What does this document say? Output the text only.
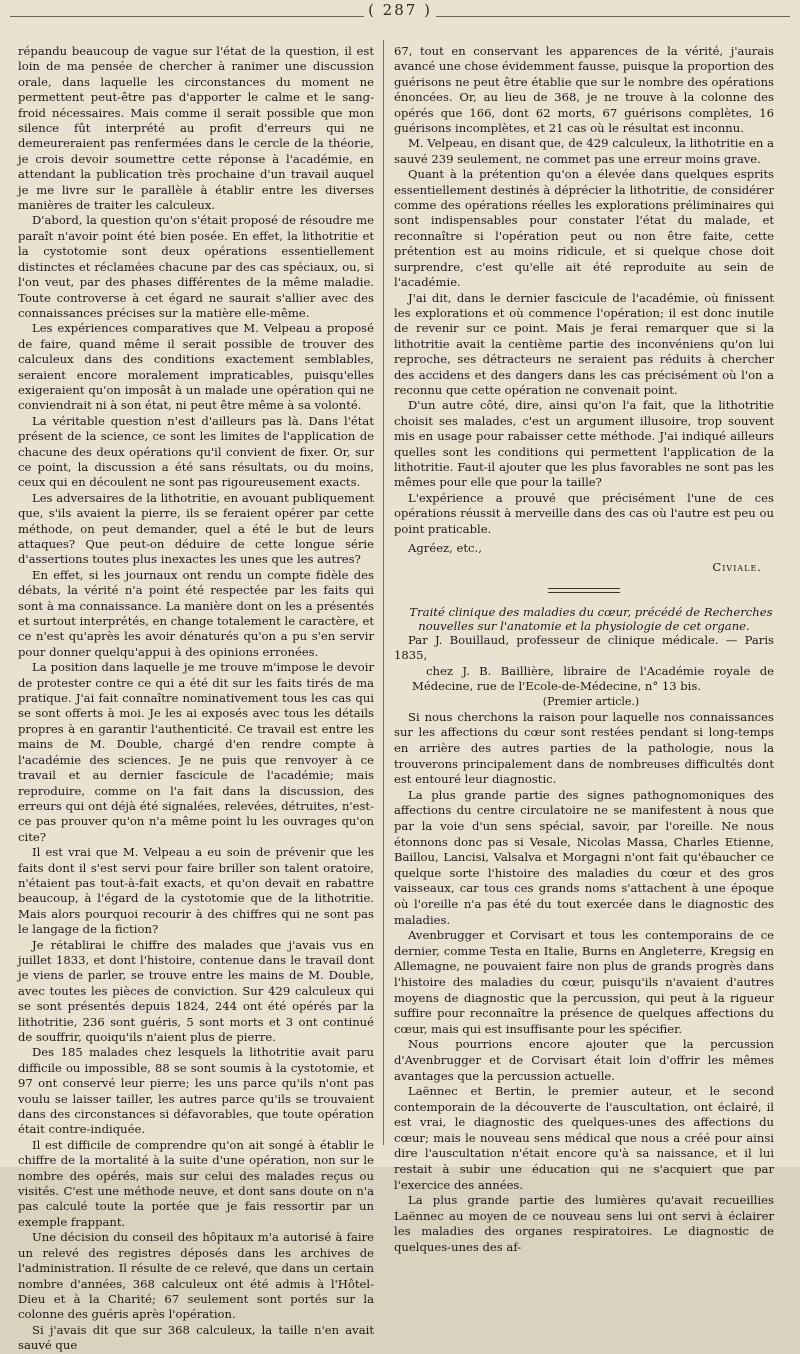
( 287 )

répandu beaucoup de vague sur l'état de la question, il est loin de ma pensée de chercher à ranimer une discussion orale, dans laquelle les circonstances du moment ne permettent peut-être pas d'apporter le calme et le sang-froid nécessaires. Mais comme il serait possible que mon silence fût interprété au profit d'erreurs qui ne demeureraient pas renfermées dans le cercle de la théorie, je crois devoir soumettre cette réponse à l'académie, en attendant la publication très prochaine d'un travail auquel je me livre sur le parallèle à établir entre les diverses manières de traiter les calculeux.

D'abord, la question qu'on s'était proposé de résoudre me paraît n'avoir point été bien posée. En effet, la lithotritie et la cystotomie sont deux opérations essentiellement distinctes et réclamées chacune par des cas spéciaux, ou, si l'on veut, par des phases différentes de la même maladie. Toute controverse à cet égard ne saurait s'allier avec des connaissances précises sur la matière elle-même.

Les expériences comparatives que M. Velpeau a proposé de faire, quand même il serait possible de trouver des calculeux dans des conditions exactement semblables, seraient encore moralement impraticables, puisqu'elles exigeraient qu'on imposât à un malade une opération qui ne conviendrait ni à son état, ni peut être même à sa volonté.

La véritable question n'est d'ailleurs pas là. Dans l'état présent de la science, ce sont les limites de l'application de chacune des deux opérations qu'il convient de fixer. Or, sur ce point, la discussion a été sans résultats, ou du moins, ceux qui en découlent ne sont pas rigoureusement exacts.

Les adversaires de la lithotritie, en avouant publiquement que, s'ils avaient la pierre, ils se feraient opérer par cette méthode, on peut demander, quel a été le but de leurs attaques? Que peut-on déduire de cette longue série d'assertions toutes plus inexactes les unes que les autres?

En effet, si les journaux ont rendu un compte fidèle des débats, la vérité n'a point été respectée par les faits qui sont à ma connaissance. La manière dont on les a présentés et surtout interprétés, en change totalement le caractère, et ce n'est qu'après les avoir dénaturés qu'on a pu s'en servir pour donner quelqu'appui à des opinions erronées.

La position dans laquelle je me trouve m'impose le devoir de protester contre ce qui a été dit sur les faits tirés de ma pratique. J'ai fait connaître nominativement tous les cas qui se sont offerts à moi. Je les ai exposés avec tous les détails propres à en garantir l'authenticité. Ce travail est entre les mains de M. Double, chargé d'en rendre compte à l'académie des sciences. Je ne puis que renvoyer à ce travail et au dernier fascicule de l'académie; mais reproduire, comme on l'a fait dans la discussion, des erreurs qui ont déjà été signalées, relevées, détruites, n'est-ce pas prouver qu'on n'a même point lu les ouvrages qu'on cite?

Il est vrai que M. Velpeau a eu soin de prévenir que les faits dont il s'est servi pour faire briller son talent oratoire, n'étaient pas tout-à-fait exacts, et qu'on devait en rabattre beaucoup, à l'égard de la cystotomie que de la lithotritie. Mais alors pourquoi recourir à des chiffres qui ne sont pas le langage de la fiction?

Je rétablirai le chiffre des malades que j'avais vus en juillet 1833, et dont l'histoire, contenue dans le travail dont je viens de parler, se trouve entre les mains de M. Double, avec toutes les pièces de conviction. Sur 429 calculeux qui se sont présentés depuis 1824, 244 ont été opérés par la lithotritie, 236 sont guéris, 5 sont morts et 3 ont continué de souffrir, quoiqu'ils n'aient plus de pierre.

Des 185 malades chez lesquels la lithotritie avait paru difficile ou impossible, 88 se sont soumis à la cystotomie, et 97 ont conservé leur pierre; les uns parce qu'ils n'ont pas voulu se laisser tailler, les autres parce qu'ils se trouvaient dans des circonstances si défavorables, que toute opération était contre-indiquée.

Il est difficile de comprendre qu'on ait songé à établir le chiffre de la mortalité à la suite d'une opération, non sur le nombre des opérés, mais sur celui des malades reçus ou visités. C'est une méthode neuve, et dont sans doute on n'a pas calculé toute la portée que je fais ressortir par un exemple frappant.

Une décision du conseil des hôpitaux m'a autorisé à faire un relevé des registres déposés dans les archives de l'administration. Il résulte de ce relevé, que dans un certain nombre d'années, 368 calculeux ont été admis à l'Hôtel-Dieu et à la Charité; 67 seulement sont portés sur la colonne des guéris après l'opération.

Si j'avais dit que sur 368 calculeux, la taille n'en avait sauvé que

67, tout en conservant les apparences de la vérité, j'aurais avancé une chose évidemment fausse, puisque la proportion des guérisons ne peut être établie que sur le nombre des opérations énoncées. Or, au lieu de 368, je ne trouve à la colonne des opérés que 166, dont 62 morts, 67 guérisons complètes, 16 guérisons incomplètes, et 21 cas où le résultat est inconnu.

M. Velpeau, en disant que, de 429 calculeux, la lithotritie en a sauvé 239 seulement, ne commet pas une erreur moins grave.

Quant à la prétention qu'on a élevée dans quelques esprits essentiellement destinés à déprécier la lithotritie, de considérer comme des opérations réelles les explorations préliminaires qui sont indispensables pour constater l'état du malade, et reconnaître si l'opération peut ou non être faite, cette prétention est au moins ridicule, et si quelque chose doit surprendre, c'est qu'elle ait été reproduite au sein de l'académie.

J'ai dit, dans le dernier fascicule de l'académie, où finissent les explorations et où commence l'opération; il est donc inutile de revenir sur ce point. Mais je ferai remarquer que si la lithotritie avait la centième partie des inconvéniens qu'on lui reproche, ses détracteurs ne seraient pas réduits à chercher des accidens et des dangers dans les cas précisément où l'on a reconnu que cette opération ne convenait point.

D'un autre côté, dire, ainsi qu'on l'a fait, que la lithotritie choisit ses malades, c'est un argument illusoire, trop souvent mis en usage pour rabaisser cette méthode. J'ai indiqué ailleurs quelles sont les conditions qui permettent l'application de la lithotritie. Faut-il ajouter que les plus favorables ne sont pas les mêmes pour elle que pour la taille?

L'expérience a prouvé que précisément l'une de ces opérations réussit à merveille dans des cas où l'autre est peu ou point praticable.

Agréez, etc.,
Civiale.

Traité clinique des maladies du cœur, précédé de Recherches nouvelles sur l'anatomie et la physiologie de cet organe.

Par J. Bouillaud, professeur de clinique médicale. — Paris 1835,
chez J. B. Baillière, libraire de l'Académie royale de Médecine, rue de l'Ecole-de-Médecine, n° 13 bis.

(Premier article.)

Si nous cherchons la raison pour laquelle nos connaissances sur les affections du cœur sont restées pendant si long-temps en arrière des autres parties de la pathologie, nous la trouverons principalement dans de nombreuses difficultés dont est entouré leur diagnostic.

La plus grande partie des signes pathognomoniques des affections du centre circulatoire ne se manifestent à nous que par la voie d'un sens spécial, savoir, par l'oreille. Ne nous étonnons donc pas si Vesale, Nicolas Massa, Charles Etienne, Baillou, Lancisi, Valsalva et Morgagni n'ont fait qu'ébaucher ce quelque sorte l'histoire des maladies du cœur et des gros vaisseaux, car tous ces grands noms s'attachent à une époque où l'oreille n'a pas été du tout exercée dans le diagnostic des maladies.

Avenbrugger et Corvisart et tous les contemporains de ce dernier, comme Testa en Italie, Burns en Angleterre, Kregsig en Allemagne, ne pouvaient faire non plus de grands progrès dans l'histoire des maladies du cœur, puisqu'ils n'avaient d'autres moyens de diagnostic que la percussion, qui peut à la rigueur suffire pour reconnaître la présence de quelques affections du cœur, mais qui est insuffisante pour les spécifier.

Nous pourrions encore ajouter que la percussion d'Avenbrugger et de Corvisart était loin d'offrir les mêmes avantages que la percussion actuelle.

Laënnec et Bertin, le premier auteur, et le second contemporain de la découverte de l'auscultation, ont éclairé, il est vrai, le diagnostic des quelques-unes des affections du cœur; mais le nouveau sens médical que nous a créé pour ainsi dire l'auscultation n'était encore qu'à sa naissance, et il lui restait à subir une éducation qui ne s'acquiert que par l'exercice des années.

La plus grande partie des lumières qu'avait recueillies Laënnec au moyen de ce nouveau sens lui ont servi à éclairer les maladies des organes respiratoires. Le diagnostic de quelques-unes des af-
